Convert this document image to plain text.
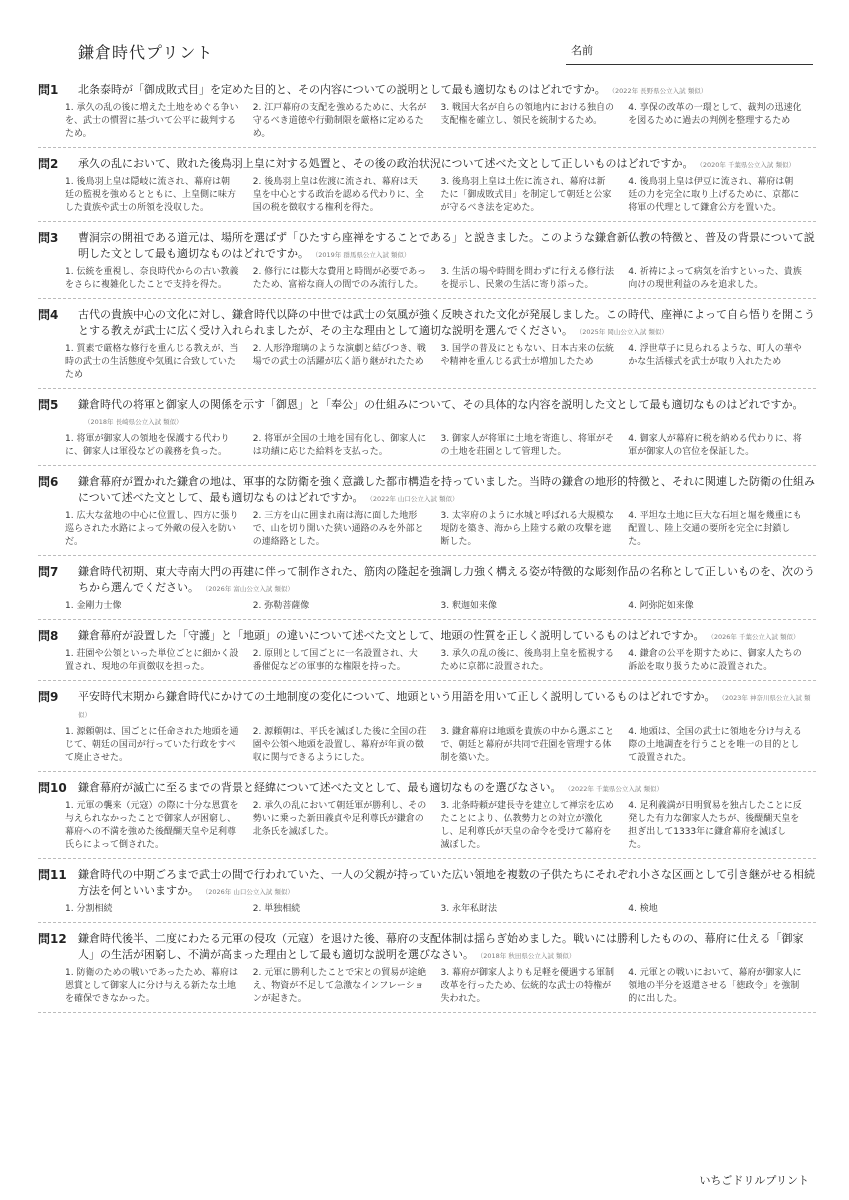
鎌倉時代プリント	名前
問1	北条泰時が「御成敗式目」を定めた目的と、その内容についての説明として最も適切なものはどれですか。 （2022年 長野県公立入試 類似）
1. 承久の乱の後に増えた土地をめぐる争いを、武士の慣習に基づいて公平に裁判するため。
2. 江戸幕府の支配を強めるために、大名が守るべき道徳や行動制限を厳格に定めるため。
3. 戦国大名が自らの領地内における独自の支配権を確立し、領民を統制するため。
4. 享保の改革の一環として、裁判の迅速化を図るために過去の判例を整理するため
問2	承久の乱において、敗れた後鳥羽上皇に対する処置と、その後の政治状況について述べた文として正しいものはどれですか。 （2020年 千葉県公立入試 類似）
1. 後鳥羽上皇は隠岐に流され、幕府は朝廷の監視を強めるとともに、上皇側に味方した貴族や武士の所領を没収した。
2. 後鳥羽上皇は佐渡に流され、幕府は天皇を中心とする政治を認める代わりに、全国の税を徴収する権利を得た。
3. 後鳥羽上皇は土佐に流され、幕府は新たに「御成敗式目」を制定して朝廷と公家が守るべき法を定めた。
4. 後鳥羽上皇は伊豆に流され、幕府は朝廷の力を完全に取り上げるために、京都に将軍の代理として鎌倉公方を置いた。
問3	曹洞宗の開祖である道元は、場所を選ばず「ひたすら座禅をすることである」と説きました。このような鎌倉新仏教の特徴と、普及の背景について説明した文として最も適切なものはどれですか。 （2019年 群馬県公立入試 類似）
1. 伝統を重視し、奈良時代からの古い教義をさらに複雑化したことで支持を得た。
2. 修行には膨大な費用と時間が必要であったため、富裕な商人の間でのみ流行した。
3. 生活の場や時間を問わずに行える修行法を提示し、民衆の生活に寄り添った。
4. 祈祷によって病気を治すといった、貴族向けの現世利益のみを追求した。
問4	古代の貴族中心の文化に対し、鎌倉時代以降の中世では武士の気風が強く反映された文化が発展しました。この時代、座禅によって自ら悟りを開こうとする教えが武士に広く受け入れられましたが、その主な理由として適切な説明を選んでください。 （2025年 岡山公立入試 類似）
1. 質素で厳格な修行を重んじる教えが、当時の武士の生活態度や気風に合致していたため
2. 人形浄瑠璃のような演劇と結びつき、戦場での武士の活躍が広く語り継がれたため
3. 国学の普及にともない、日本古来の伝統や精神を重んじる武士が増加したため
4. 浮世草子に見られるような、町人の華やかな生活様式を武士が取り入れたため
問5	鎌倉時代の将軍と御家人の関係を示す「御恩」と「奉公」の仕組みについて、その具体的な内容を説明した文として最も適切なものはどれですか。（2018年 長崎県公立入試 類似）
1. 将軍が御家人の領地を保護する代わりに、御家人は軍役などの義務を負った。
2. 将軍が全国の土地を国有化し、御家人には功績に応じた給料を支払った。
3. 御家人が将軍に土地を寄進し、将軍がその土地を荘園として管理した。
4. 御家人が幕府に税を納める代わりに、将軍が御家人の官位を保証した。
問6	鎌倉幕府が置かれた鎌倉の地は、軍事的な防衛を強く意識した都市構造を持っていました。当時の鎌倉の地形的特徴と、それに関連した防衛の仕組みについて述べた文として、最も適切なものはどれですか。 （2022年 山口公立入試 類似）
1. 広大な盆地の中心に位置し、四方に張り巡らされた水路によって外敵の侵入を防いだ。
2. 三方を山に囲まれ南は海に面した地形で、山を切り開いた狭い通路のみを外部との連絡路とした。
3. 太宰府のように水城と呼ばれる大規模な堤防を築き、海から上陸する敵の攻撃を遮断した。
4. 平坦な土地に巨大な石垣と堀を幾重にも配置し、陸上交通の要所を完全に封鎖した。
問7	鎌倉時代初期、東大寺南大門の再建に伴って制作された、筋肉の隆起を強調し力強く構える姿が特徴的な彫刻作品の名称として正しいものを、次のうちから選んでください。 （2026年 富山公立入試 類似）
1. 金剛力士像	2. 弥勒菩薩像	3. 釈迦如来像	4. 阿弥陀如来像
問8	鎌倉幕府が設置した「守護」と「地頭」の違いについて述べた文として、地頭の性質を正しく説明しているものはどれですか。 （2026年 千葉公立入試 類似）
1. 荘園や公領といった単位ごとに細かく設置され、現地の年貢徴収を担った。
2. 原則として国ごとに一名設置され、大番催促などの軍事的な権限を持った。
3. 承久の乱の後に、後鳥羽上皇を監視するために京都に設置された。
4. 鎌倉の公平を期すために、御家人たちの訴訟を取り扱うために設置された。
問9	平安時代末期から鎌倉時代にかけての土地制度の変化について、地頭という用語を用いて正しく説明しているものはどれですか。 （2023年 神奈川県公立入試 類似）
1. 源頼朝は、国ごとに任命された地頭を通じて、朝廷の国司が行っていた行政をすべて廃止させた。
2. 源頼朝は、平氏を滅ぼした後に全国の荘園や公領へ地頭を設置し、幕府が年貢の徴収に関与できるようにした。
3. 鎌倉幕府は地頭を貴族の中から選ぶことで、朝廷と幕府が共同で荘園を管理する体制を築いた。
4. 地頭は、全国の武士に領地を分け与える際の土地調査を行うことを唯一の目的として設置された。
問10	鎌倉幕府が滅亡に至るまでの背景と経緯について述べた文として、最も適切なものを選びなさい。 （2022年 千葉県公立入試 類似）
1. 元軍の襲来（元寇）の際に十分な恩賞を与えられなかったことで御家人が困窮し、幕府への不満を強めた後醍醐天皇や足利尊氏らによって倒された。
2. 承久の乱において朝廷軍が勝利し、その勢いに乗った新田義貞や足利尊氏が鎌倉の北条氏を滅ぼした。
3. 北条時頼が建長寺を建立して禅宗を広めたことにより、仏教勢力との対立が激化し、足利尊氏が天皇の命令を受けて幕府を滅ぼした。
4. 足利義満が日明貿易を独占したことに反発した有力な御家人たちが、後醍醐天皇を担ぎ出して1333年に鎌倉幕府を滅ぼした。
問11	鎌倉時代の中期ごろまで武士の間で行われていた、一人の父親が持っていた広い領地を複数の子供たちにそれぞれ小さな区画として引き継がせる相続方法を何といいますか。 （2026年 山口公立入試 類似）
1. 分割相続	2. 単独相続	3. 永年私財法	4. 検地
問12	鎌倉時代後半、二度にわたる元軍の侵攻（元寇）を退けた後、幕府の支配体制は揺らぎ始めました。戦いには勝利したものの、幕府に仕える「御家人」の生活が困窮し、不満が高まった理由として最も適切な説明を選びなさい。 （2018年 秋田県公立入試 類似）
1. 防衛のための戦いであったため、幕府は恩賞として御家人に分け与える新たな土地を確保できなかった。
2. 元軍に勝利したことで宋との貿易が途絶え、物資が不足して急激なインフレーションが起きた。
3. 幕府が御家人よりも足軽を優遇する軍制改革を行ったため、伝統的な武士の特権が失われた。
4. 元軍との戦いにおいて、幕府が御家人に領地の半分を返還させる「徳政令」を強制的に出した。
いちごドリルプリント
